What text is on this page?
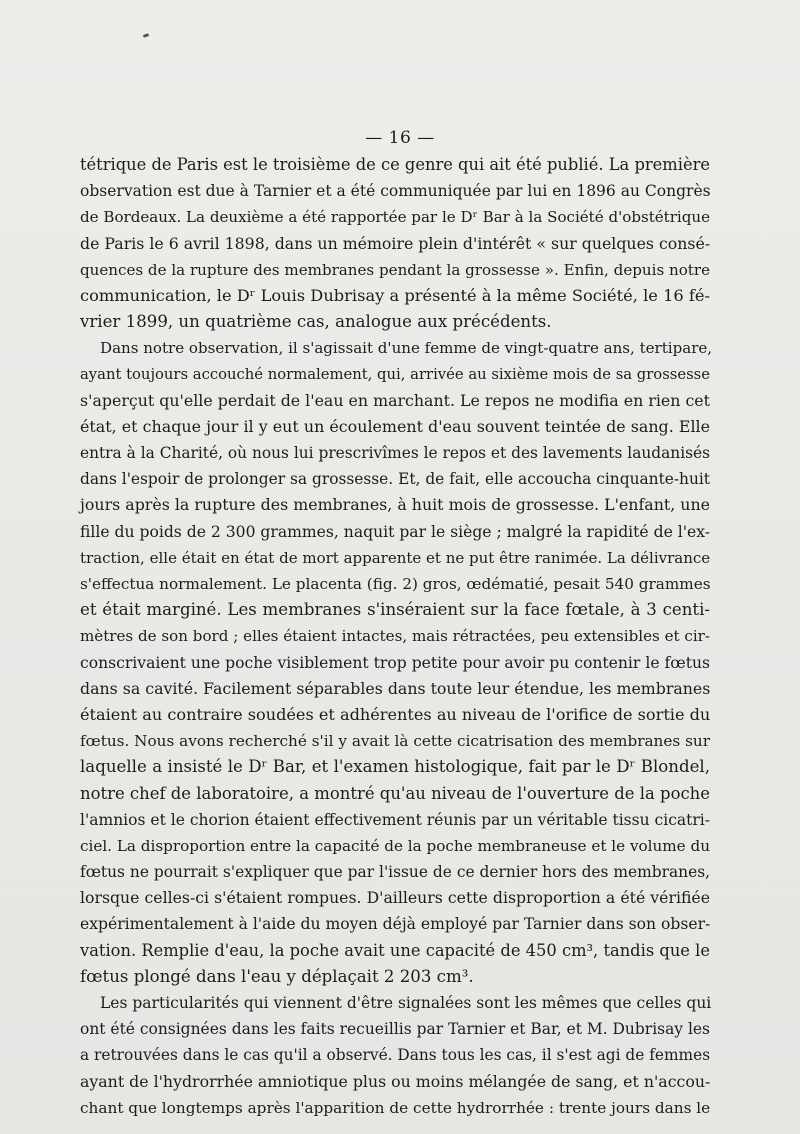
— 16 —
tétrique de Paris est le troisième de ce genre qui ait été publié. La première
observation est due à Tarnier et a été communiquée par lui en 1896 au Congrès
de Bordeaux. La deuxième a été rapportée par le Dʳ Bar à la Société d'obstétrique
de Paris le 6 avril 1898, dans un mémoire plein d'intérêt « sur quelques consé-
quences de la rupture des membranes pendant la grossesse ». Enfin, depuis notre
communication, le Dʳ Louis Dubrisay a présenté à la même Société, le 16 fé-
vrier 1899, un quatrième cas, analogue aux précédents.
Dans notre observation, il s'agissait d'une femme de vingt-quatre ans, tertipare,
ayant toujours accouché normalement, qui, arrivée au sixième mois de sa grossesse
s'aperçut qu'elle perdait de l'eau en marchant. Le repos ne modifia en rien cet
état, et chaque jour il y eut un écoulement d'eau souvent teintée de sang. Elle
entra à la Charité, où nous lui prescrivîmes le repos et des lavements laudanisés
dans l'espoir de prolonger sa grossesse. Et, de fait, elle accoucha cinquante-huit
jours après la rupture des membranes, à huit mois de grossesse. L'enfant, une
fille du poids de 2 300 grammes, naquit par le siège ; malgré la rapidité de l'ex-
traction, elle était en état de mort apparente et ne put être ranimée. La délivrance
s'effectua normalement. Le placenta (fig. 2) gros, œdématié, pesait 540 grammes
et était marginé. Les membranes s'inséraient sur la face fœtale, à 3 centi-
mètres de son bord ; elles étaient intactes, mais rétractées, peu extensibles et cir-
conscrivaient une poche visiblement trop petite pour avoir pu contenir le fœtus
dans sa cavité. Facilement séparables dans toute leur étendue, les membranes
étaient au contraire soudées et adhérentes au niveau de l'orifice de sortie du
fœtus. Nous avons recherché s'il y avait là cette cicatrisation des membranes sur
laquelle a insisté le Dʳ Bar, et l'examen histologique, fait par le Dʳ Blondel,
notre chef de laboratoire, a montré qu'au niveau de l'ouverture de la poche
l'amnios et le chorion étaient effectivement réunis par un véritable tissu cicatri-
ciel. La disproportion entre la capacité de la poche membraneuse et le volume du
fœtus ne pourrait s'expliquer que par l'issue de ce dernier hors des membranes,
lorsque celles-ci s'étaient rompues. D'ailleurs cette disproportion a été vérifiée
expérimentalement à l'aide du moyen déjà employé par Tarnier dans son obser-
vation. Remplie d'eau, la poche avait une capacité de 450 cm³, tandis que le
fœtus plongé dans l'eau y déplaçait 2 203 cm³.
Les particularités qui viennent d'être signalées sont les mêmes que celles qui
ont été consignées dans les faits recueillis par Tarnier et Bar, et M. Dubrisay les
a retrouvées dans le cas qu'il a observé. Dans tous les cas, il s'est agi de femmes
ayant de l'hydrorrhée amniotique plus ou moins mélangée de sang, et n'accou-
chant que longtemps après l'apparition de cette hydrorrhée : trente jours dans le
